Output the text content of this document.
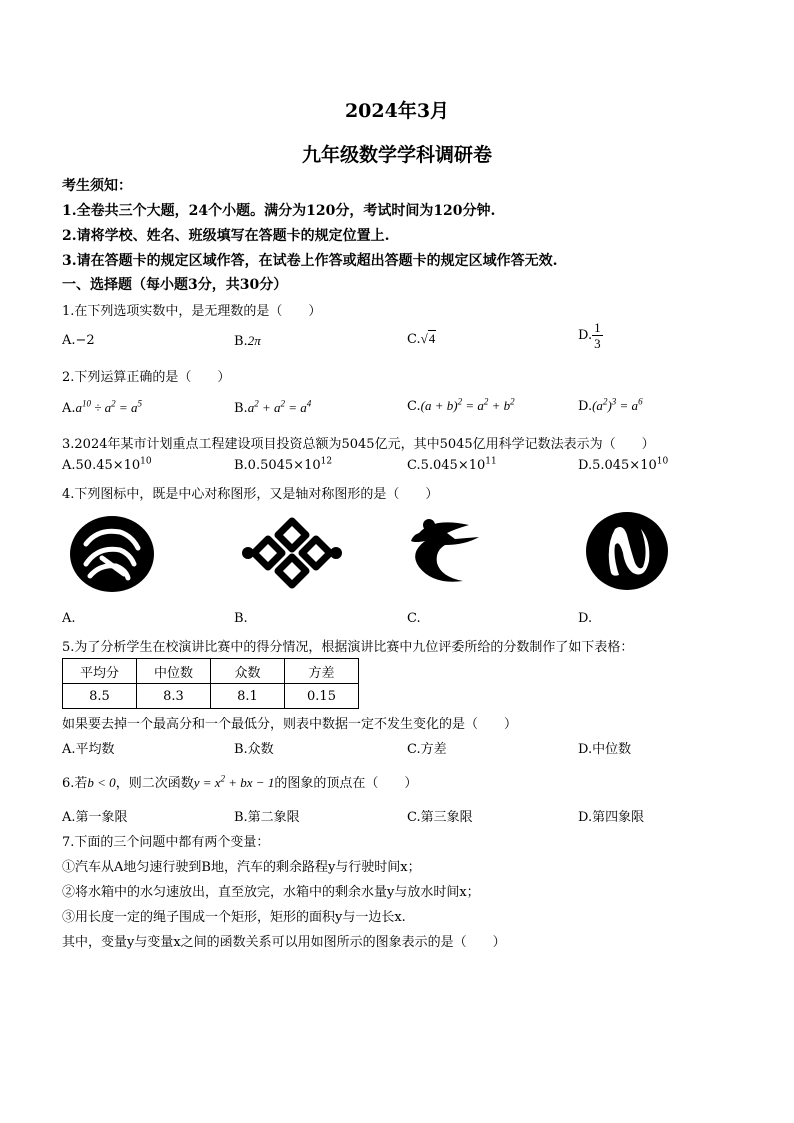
2024年3月
九年级数学学科调研卷
考生须知：
1.全卷共三个大题，24个小题。满分为120分，考试时间为120分钟.
2.请将学校、姓名、班级填写在答题卡的规定位置上.
3.请在答题卡的规定区域作答，在试卷上作答或超出答题卡的规定区域作答无效.
一、选择题（每小题3分，共30分）
1.在下列选项实数中，是无理数的是（　　）
A.−2	B.2π	C.√4	D. $\frac{1}{3}$
2.下列运算正确的是（　　）
$A.a^{10} \div a^2 = a^5$	$B.a^2 + a^2 = a^4$	$C.(a + b)^2 = a^2 + b^2$	$D.(a^2)^3 = a^6$
3.2024年某市计划重点工程建设项目投资总额为5045亿元，其中5045亿用科学记数法表示为（　　）
$A.50.45\times 10^{10}$	$B.0.5045\times 10^{12}$	$C.5.045\times 10^{11}$	$D.5.045\times 10^{10}$
4.下列图标中，既是中心对称图形，又是轴对称图形的是（　　）
A.	B.	C.	D.
5.为了分析学生在校演讲比赛中的得分情况，根据演讲比赛中九位评委所给的分数制作了如下表格：
平均分	中位数	众数	方差
8.5	8.3	8.1	0.15
如果要去掉一个最高分和一个最低分，则表中数据一定不发生变化的是（　　）
A.平均数	B.众数	C.方差	D.中位数
6.若b < 0，则二次函数$y = x^2$ + bx − 1的图象的顶点在（　　）
A.第一象限	B.第二象限	C.第三象限	D.第四象限
7.下面的三个问题中都有两个变量：
①汽车从A地匀速行驶到B地，汽车的剩余路程y与行驶时间x；
②将水箱中的水匀速放出，直至放完，水箱中的剩余水量y与放水时间x；
③用长度一定的绳子围成一个矩形，矩形的面积y与一边长x.
其中，变量y与变量x之间的函数关系可以用如图所示的图象表示的是（　　）
